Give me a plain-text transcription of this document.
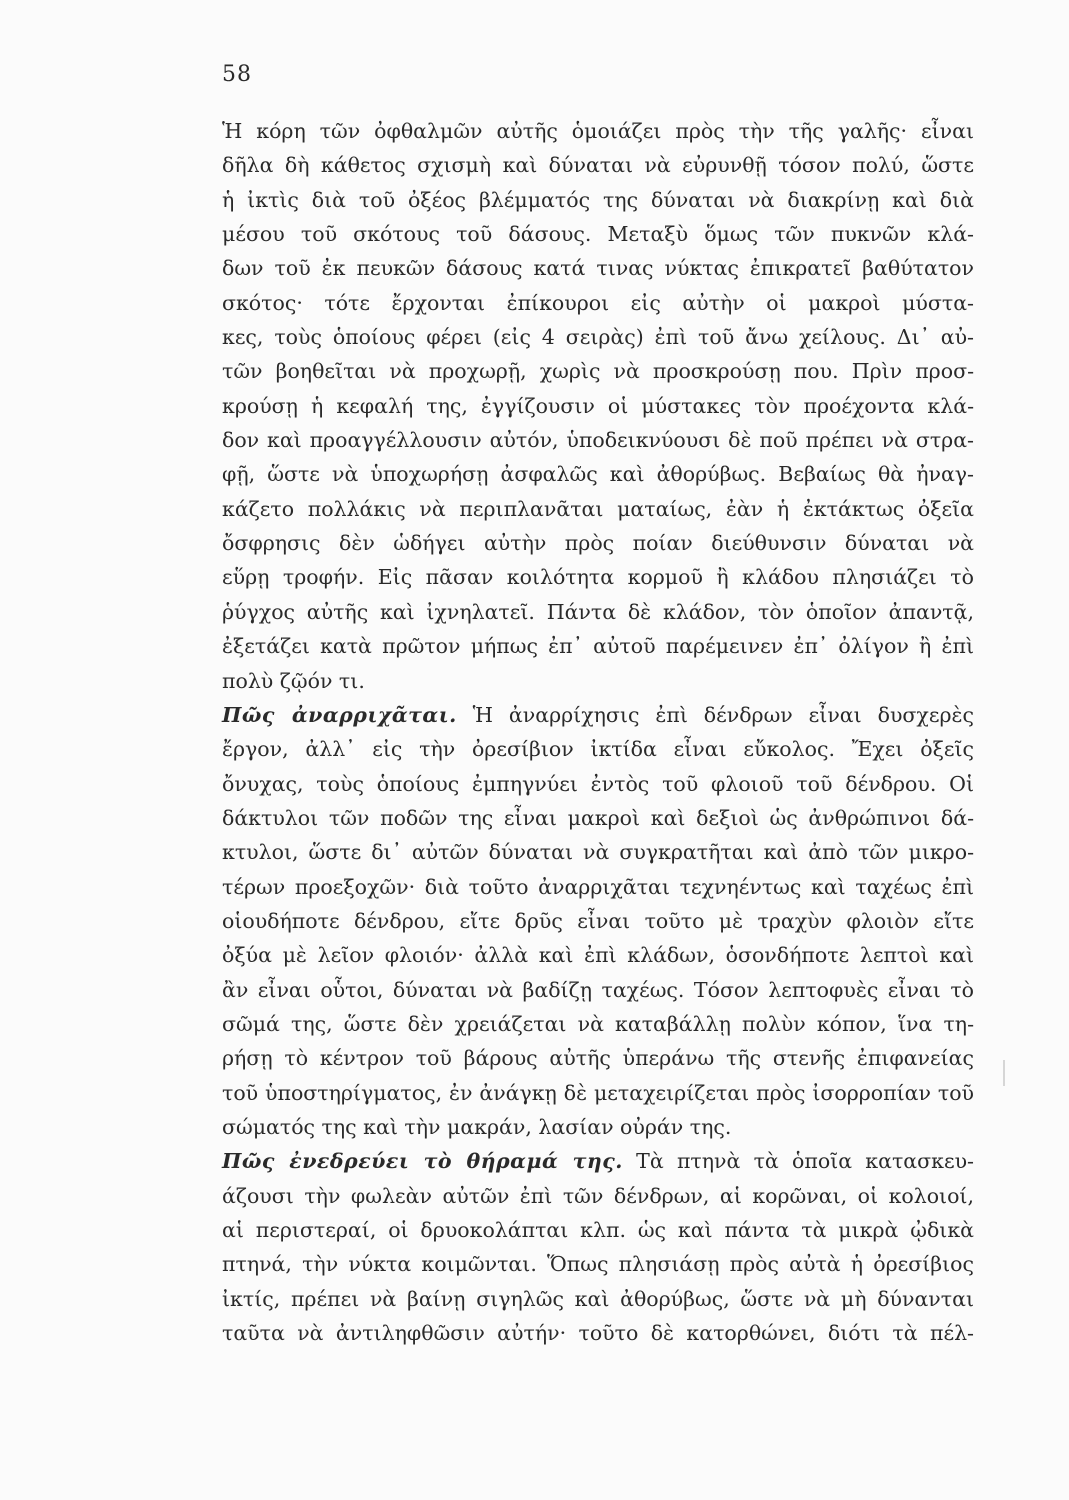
58
Ἡ κόρη τῶν ὀφθαλμῶν αὐτῆς ὁμοιάζει πρὸς τὴν τῆς γαλῆς· εἶναι
δῆλα δὴ κάθετος σχισμὴ καὶ δύναται νὰ εὐρυνθῇ τόσον πολύ, ὥστε
ἡ ἰκτὶς διὰ τοῦ ὀξέος βλέμματός της δύναται νὰ διακρίνῃ καὶ διὰ
μέσου τοῦ σκότους τοῦ δάσους. Μεταξὺ ὅμως τῶν πυκνῶν κλά-
δων τοῦ ἐκ πευκῶν δάσους κατά τινας νύκτας ἐπικρατεῖ βαθύτατον
σκότος· τότε ἔρχονται ἐπίκουροι εἰς αὐτὴν οἱ μακροὶ μύστα-
κες, τοὺς ὁποίους φέρει (εἰς 4 σειρὰς) ἐπὶ τοῦ ἄνω χείλους. Δι᾽ αὐ-
τῶν βοηθεῖται νὰ προχωρῇ, χωρὶς νὰ προσκρούσῃ που. Πρὶν προσ-
κρούσῃ ἡ κεφαλή της, ἐγγίζουσιν οἱ μύστακες τὸν προέχοντα κλά-
δον καὶ προαγγέλλουσιν αὐτόν, ὑποδεικνύουσι δὲ ποῦ πρέπει νὰ στρα-
φῇ, ὥστε νὰ ὑποχωρήσῃ ἀσφαλῶς καὶ ἀθορύβως. Βεβαίως θὰ ἠναγ-
κάζετο πολλάκις νὰ περιπλανᾶται ματαίως, ἐὰν ἡ ἐκτάκτως ὀξεῖα
ὄσφρησις δὲν ὡδήγει αὐτὴν πρὸς ποίαν διεύθυνσιν δύναται νὰ
εὕρῃ τροφήν. Εἰς πᾶσαν κοιλότητα κορμοῦ ἢ κλάδου πλησιάζει τὸ
ῥύγχος αὐτῆς καὶ ἰχνηλατεῖ. Πάντα δὲ κλάδον, τὸν ὁποῖον ἀπαντᾷ,
ἐξετάζει κατὰ πρῶτον μήπως ἐπ᾽ αὐτοῦ παρέμεινεν ἐπ᾽ ὀλίγον ἢ ἐπὶ
πολὺ ζῷόν τι.
Πῶς ἀναρριχᾶται. Ἡ ἀναρρίχησις ἐπὶ δένδρων εἶναι δυσχερὲς
ἔργον, ἀλλ᾽ εἰς τὴν ὀρεσίβιον ἰκτίδα εἶναι εὔκολος. Ἔχει ὀξεῖς
ὄνυχας, τοὺς ὁποίους ἐμπηγνύει ἐντὸς τοῦ φλοιοῦ τοῦ δένδρου. Οἱ
δάκτυλοι τῶν ποδῶν της εἶναι μακροὶ καὶ δεξιοὶ ὡς ἀνθρώπινοι δά-
κτυλοι, ὥστε δι᾽ αὐτῶν δύναται νὰ συγκρατῆται καὶ ἀπὸ τῶν μικρο-
τέρων προεξοχῶν· διὰ τοῦτο ἀναρριχᾶται τεχνηέντως καὶ ταχέως ἐπὶ
οἱουδήποτε δένδρου, εἴτε δρῦς εἶναι τοῦτο μὲ τραχὺν φλοιὸν εἴτε
ὀξύα μὲ λεῖον φλοιόν· ἀλλὰ καὶ ἐπὶ κλάδων, ὁσονδήποτε λεπτοὶ καὶ
ἂν εἶναι οὗτοι, δύναται νὰ βαδίζῃ ταχέως. Τόσον λεπτοφυὲς εἶναι τὸ
σῶμά της, ὥστε δὲν χρειάζεται νὰ καταβάλλῃ πολὺν κόπον, ἵνα τη-
ρήσῃ τὸ κέντρον τοῦ βάρους αὐτῆς ὑπεράνω τῆς στενῆς ἐπιφανείας
τοῦ ὑποστηρίγματος, ἐν ἀνάγκῃ δὲ μεταχειρίζεται πρὸς ἰσορροπίαν τοῦ
σώματός της καὶ τὴν μακράν, λασίαν οὐράν της.
Πῶς ἐνεδρεύει τὸ θήραμά της. Τὰ πτηνὰ τὰ ὁποῖα κατασκευ-
άζουσι τὴν φωλεὰν αὐτῶν ἐπὶ τῶν δένδρων, αἱ κορῶναι, οἱ κολοιοί,
αἱ περιστεραί, οἱ δρυοκολάπται κλπ. ὡς καὶ πάντα τὰ μικρὰ ᾠδικὰ
πτηνά, τὴν νύκτα κοιμῶνται. Ὅπως πλησιάσῃ πρὸς αὐτὰ ἡ ὀρεσίβιος
ἰκτίς, πρέπει νὰ βαίνῃ σιγηλῶς καὶ ἀθορύβως, ὥστε νὰ μὴ δύνανται
ταῦτα νὰ ἀντιληφθῶσιν αὐτήν· τοῦτο δὲ κατορθώνει, διότι τὰ πέλ-
